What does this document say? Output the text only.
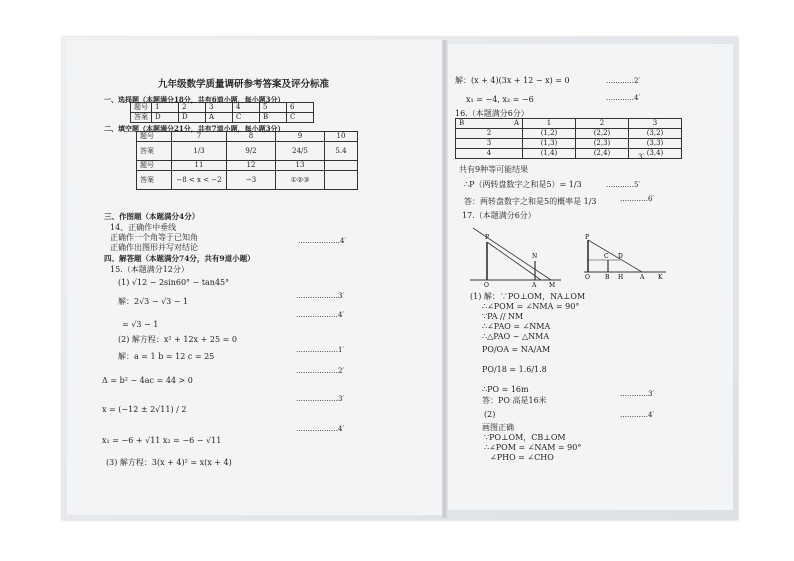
九年级数学质量调研参考答案及评分标准
一、选择题（本题满分18分，共有6道小题，每小题3分）
题号	1	2	3	4	5	6
答案	D	D	A	C	B	C
二、填空题（本题满分21分，共有7道小题，每小题3分）
题号	7	8	9	10
答案	1/3	9/2	24/5	5.4
题号	11	12	13	
答案	−8 < x < −2	−3	①②③	
三、作图题（本题满分4分）
14、正确作中垂线
正确作一个角等于已知角
正确作出图形并写对结论
………………4′
四、解答题（本题满分74分，共有9道小题）
15.（本题满分12分）
(1) √12 − 2sin60° − tan45°
解：2√3 − √3 − 1
………………3′
………………4′
= √3 − 1
(2) 解方程：x² + 12x + 25 = 0
解：a = 1 b = 12 c = 25
………………1′
………………2′
Δ = b² − 4ac = 44 > 0
………………3′
x = (−12 ± 2√11) / 2
………………4′
x₁ = −6 + √11 x₂ = −6 − √11
(3) 解方程：3(x + 4)² = x(x + 4)
解：(x + 4)(3x + 12 − x) = 0	…………2′
x₁ = −4, x₂ = −6	…………4′
16.（本题满分6分）
B A	1	2	3
2	(1,2)	(2,2)	(3,2)
3	(1,3)	(2,3)	(3,3)
4	(1,4)	(2,4)	(3,4)
…………3′
共有9种等可能结果
∴P（两转盘数字之和是5）= 1/3	…………5′
答：两转盘数字之和是5的概率是 1/3	…………6′
17.（本题满分6分）
P
N
O	A M
P
C D
O	B H	A K
(1) 解：∵PO⊥OM，NA⊥OM
∴∠POM = ∠NMA = 90°
∵PA // NM
∴∠PAO = ∠NMA
∴△PAO ∽ △NMA
PO/OA = NA/AM
PO/18 = 1.6/1.8
∴PO = 16m
答：PO 高是16米
…………3′
(2)	…………4′
画图正确
∵PO⊥OM，CB⊥OM
∴∠POM = ∠NAM = 90°
∠PHO = ∠CHO
